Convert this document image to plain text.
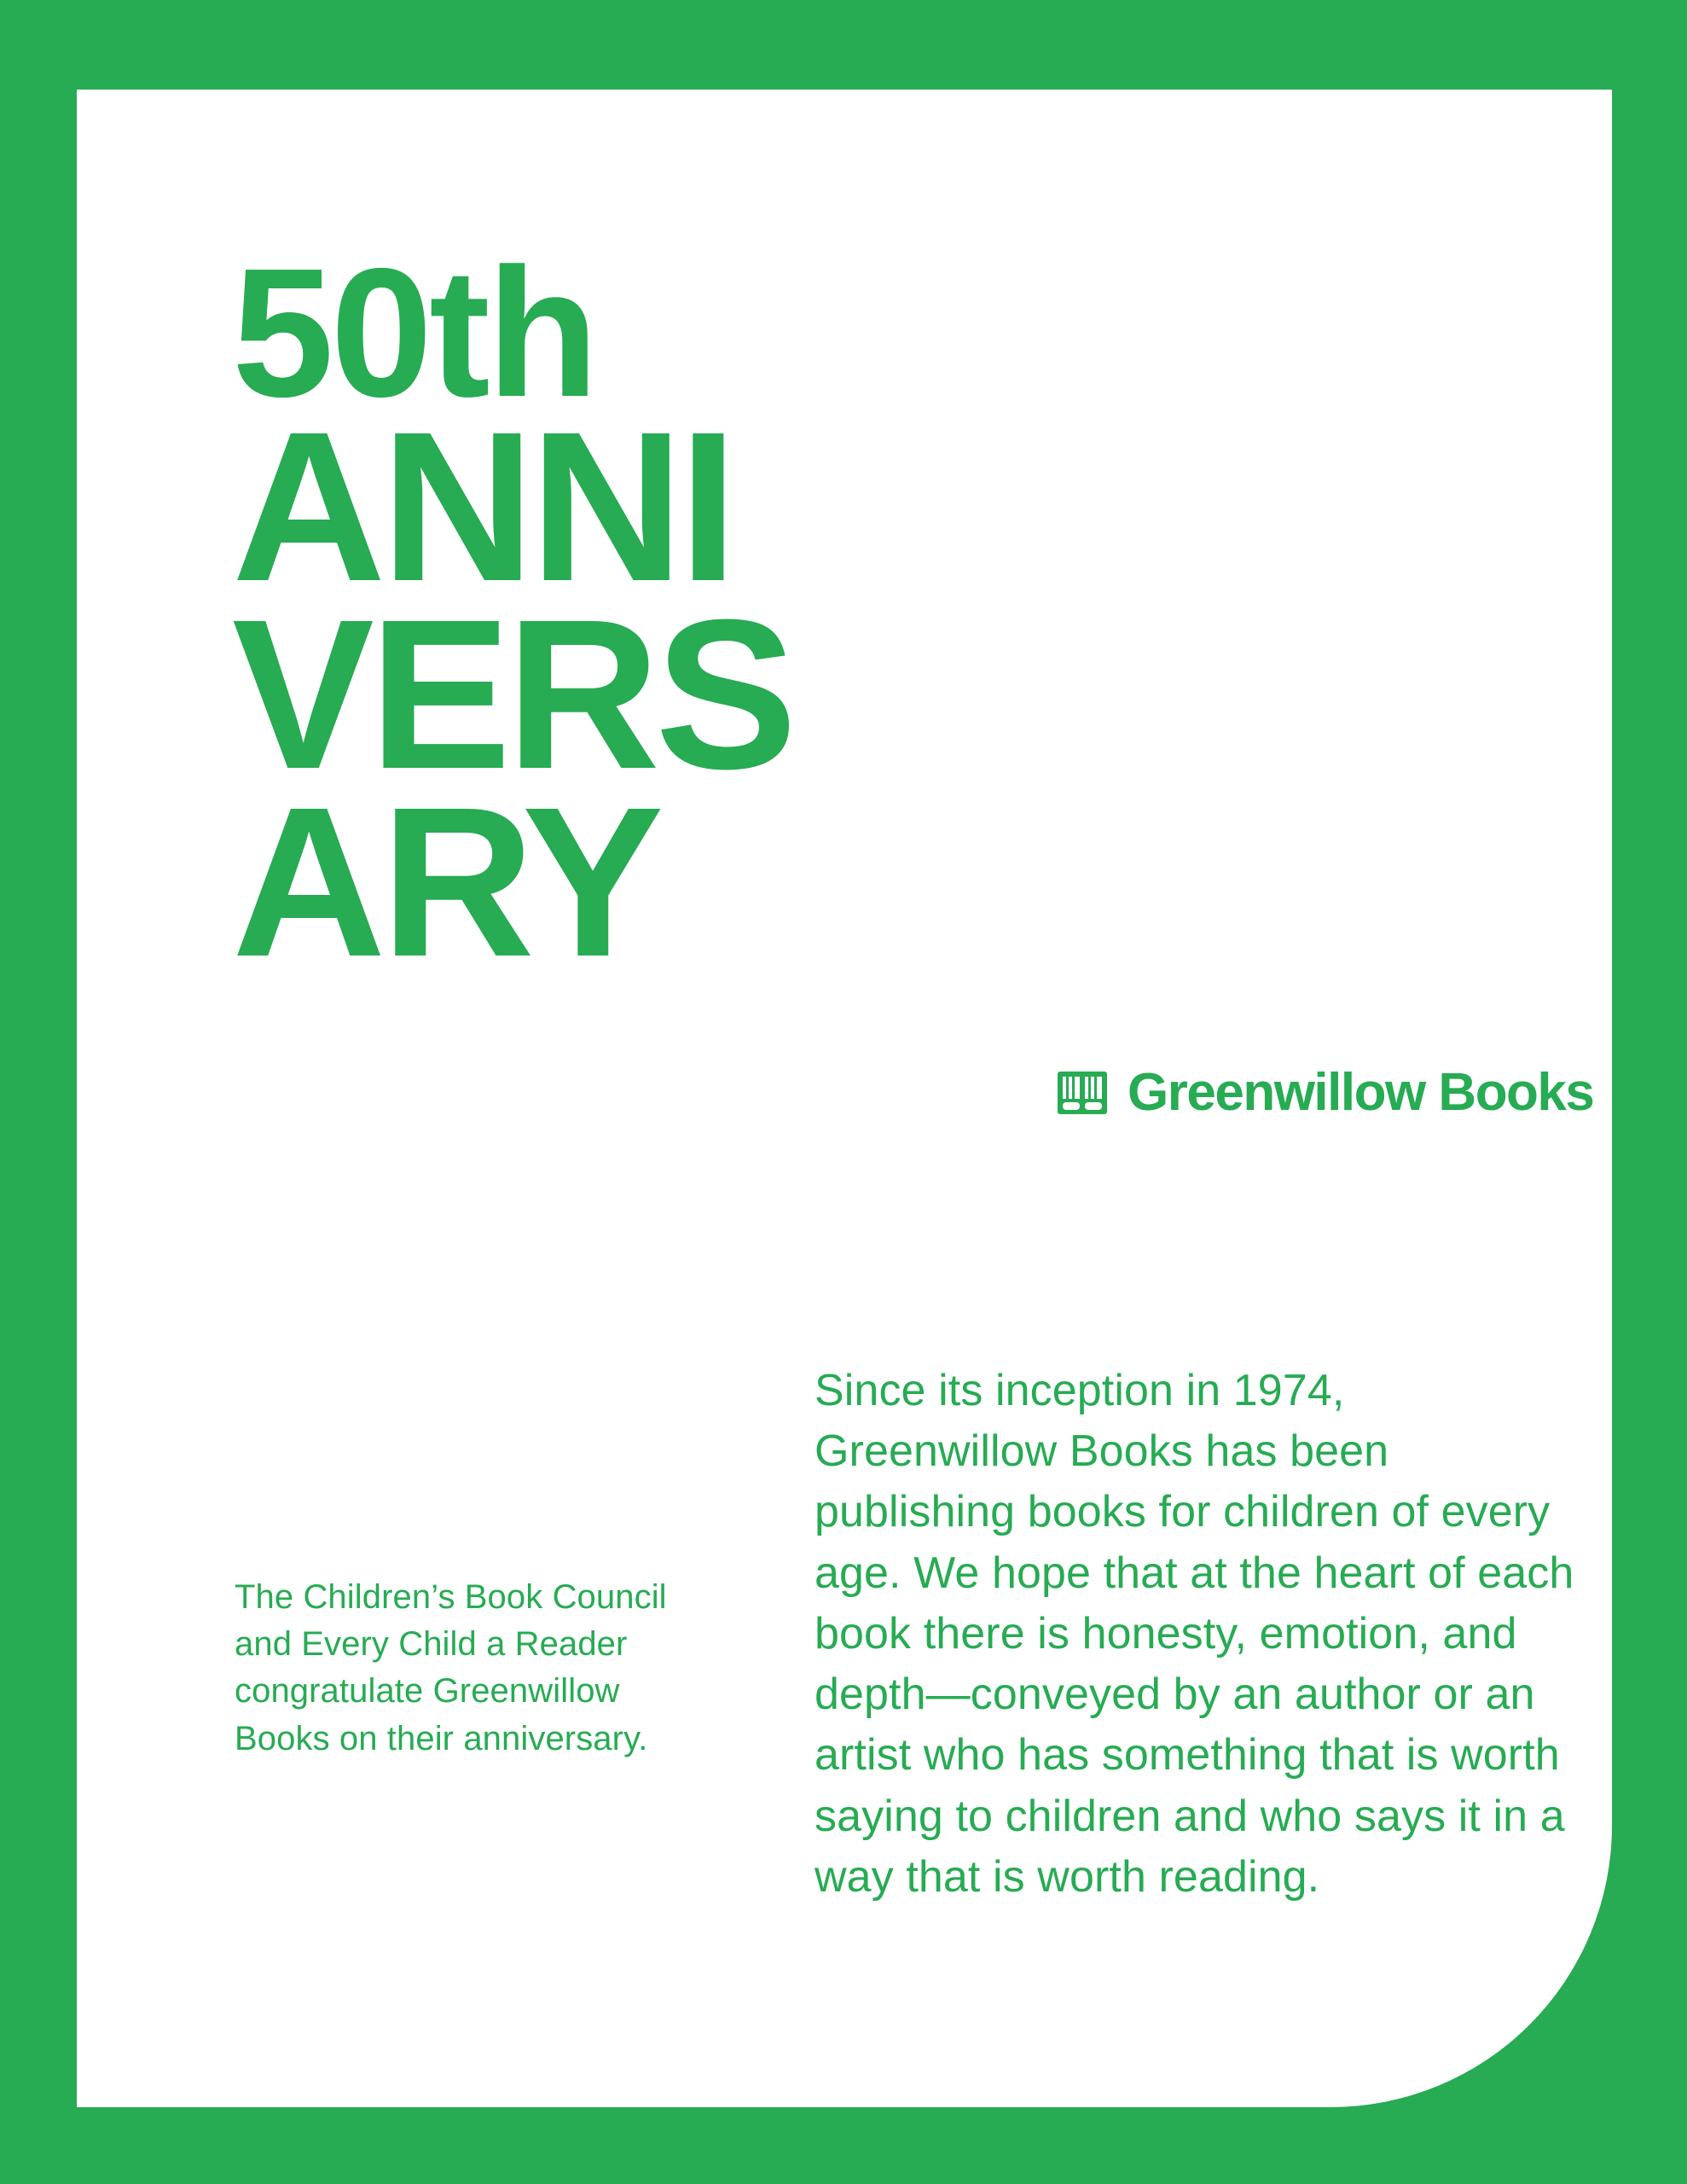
50th
ANNI
VERS
ARY
Greenwillow Books
The Children’s Book Council and Every Child a Reader congratulate Greenwillow Books on their anniversary.
Since its inception in 1974, Greenwillow Books has been publishing books for children of every age. We hope that at the heart of each book there is honesty, emotion, and depth—conveyed by an author or an artist who has something that is worth saying to children and who says it in a way that is worth reading.
